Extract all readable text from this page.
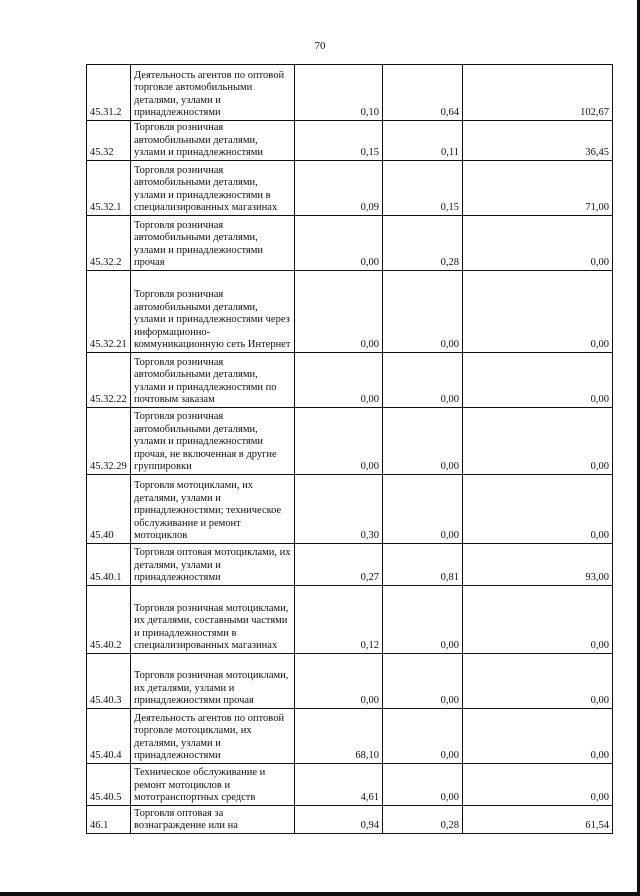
70
45.31.2	Деятельность агентов по оптовой торговле автомобильными деталями, узлами и принадлежностями	0,10	0,64	102,67
45.32	Торговля розничная автомобильными деталями, узлами и принадлежностями	0,15	0,11	36,45
45.32.1	Торговля розничная автомобильными деталями, узлами и принадлежностями в специализированных магазинах	0,09	0,15	71,00
45.32.2	Торговля розничная автомобильными деталями, узлами и принадлежностями прочая	0,00	0,28	0,00
45.32.21	Торговля розничная автомобильными деталями, узлами и принадлежностями через информационно-коммуникационную сеть Интернет	0,00	0,00	0,00
45.32.22	Торговля розничная автомобильными деталями, узлами и принадлежностями по почтовым заказам	0,00	0,00	0,00
45.32.29	Торговля розничная автомобильными деталями, узлами и принадлежностями прочая, не включенная в другие группировки	0,00	0,00	0,00
45.40	Торговля мотоциклами, их деталями, узлами и принадлежностями; техническое обслуживание и ремонт мотоциклов	0,30	0,00	0,00
45.40.1	Торговля оптовая мотоциклами, их деталями, узлами и принадлежностями	0,27	0,81	93,00
45.40.2	Торговля розничная мотоциклами, их деталями, составными частями и принадлежностями в специализированных магазинах	0,12	0,00	0,00
45.40.3	Торговля розничная мотоциклами, их деталями, узлами и принадлежностями прочая	0,00	0,00	0,00
45.40.4	Деятельность агентов по оптовой торговле мотоциклами, их деталями, узлами и принадлежностями	68,10	0,00	0,00
45.40.5	Техническое обслуживание и ремонт мотоциклов и мототранспортных средств	4,61	0,00	0,00
46.1	Торговля оптовая за вознаграждение или на	0,94	0,28	61,54
